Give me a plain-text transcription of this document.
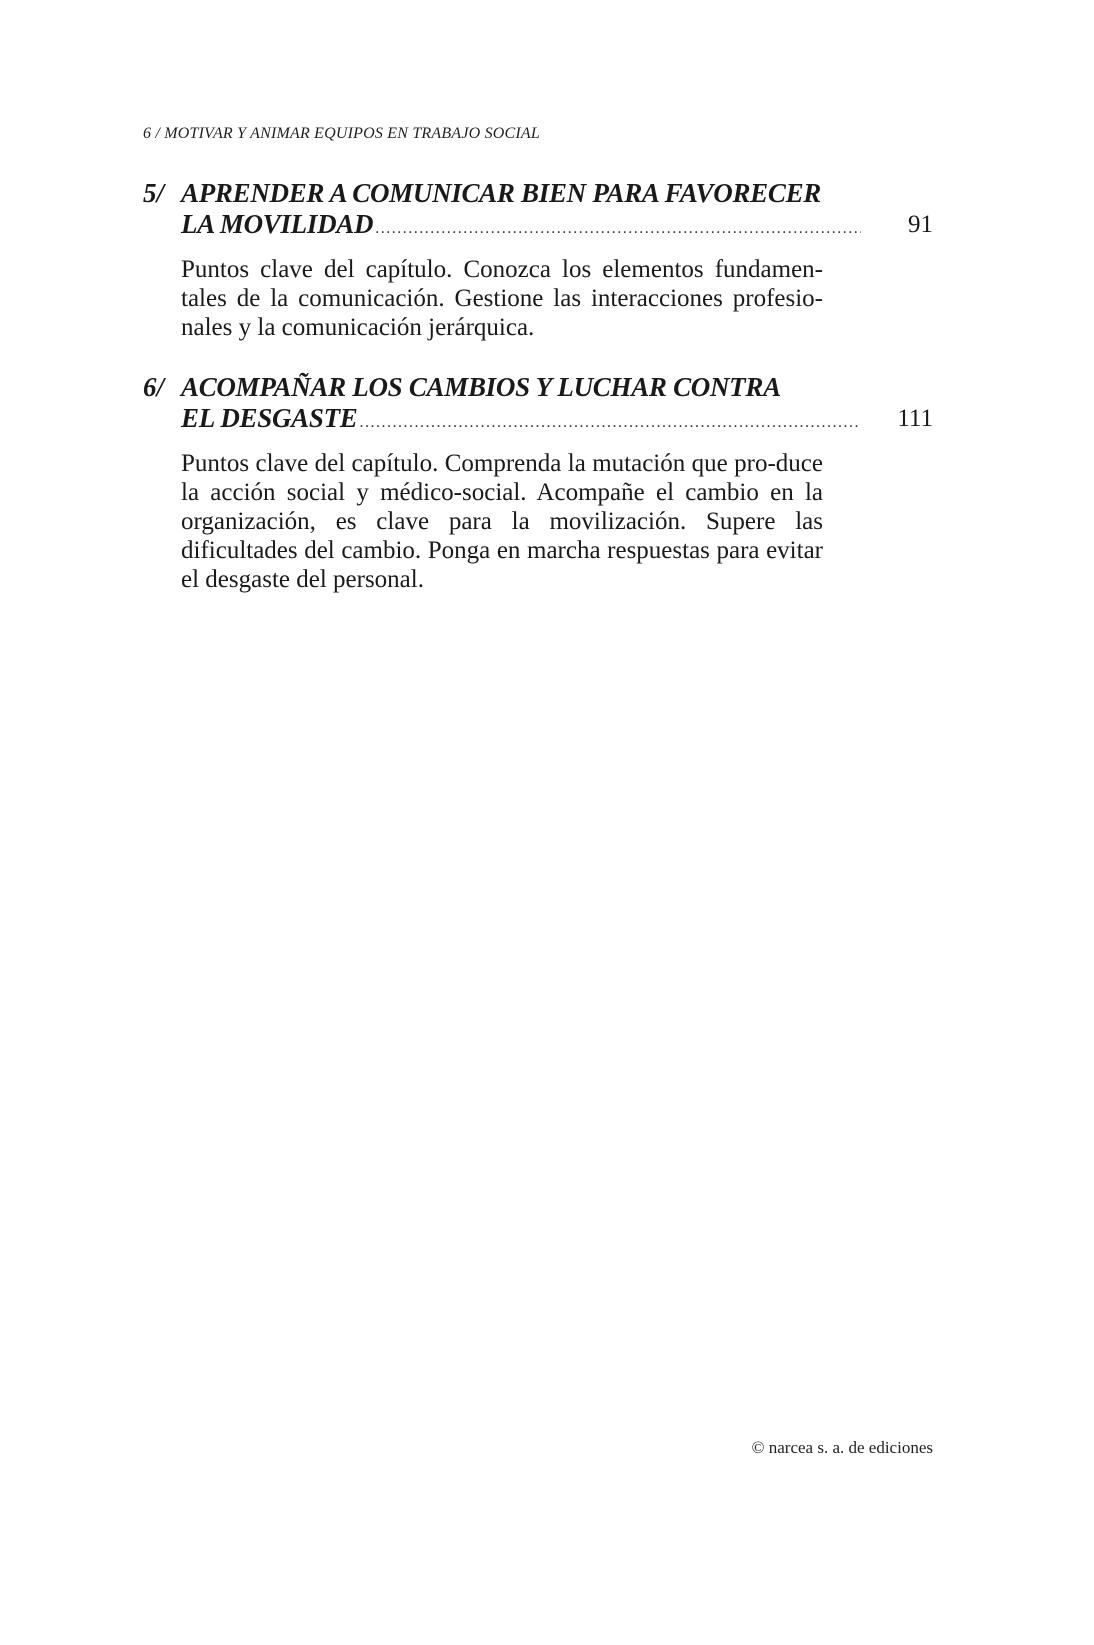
6 / MOTIVAR Y ANIMAR EQUIPOS EN TRABAJO SOCIAL
5/ APRENDER A COMUNICAR BIEN PARA FAVORECER
LA MOVILIDAD .....	91
Puntos clave del capítulo. Conozca los elementos fundamen-tales de la comunicación. Gestione las interacciones profesio-nales y la comunicación jerárquica.
6/ ACOMPAÑAR LOS CAMBIOS Y LUCHAR CONTRA
EL DESGASTE .....	111
Puntos clave del capítulo. Comprenda la mutación que pro-duce la acción social y médico-social. Acompañe el cambio en la organización, es clave para la movilización. Supere las dificultades del cambio. Ponga en marcha respuestas para evitar el desgaste del personal.
© narcea s. a. de ediciones
